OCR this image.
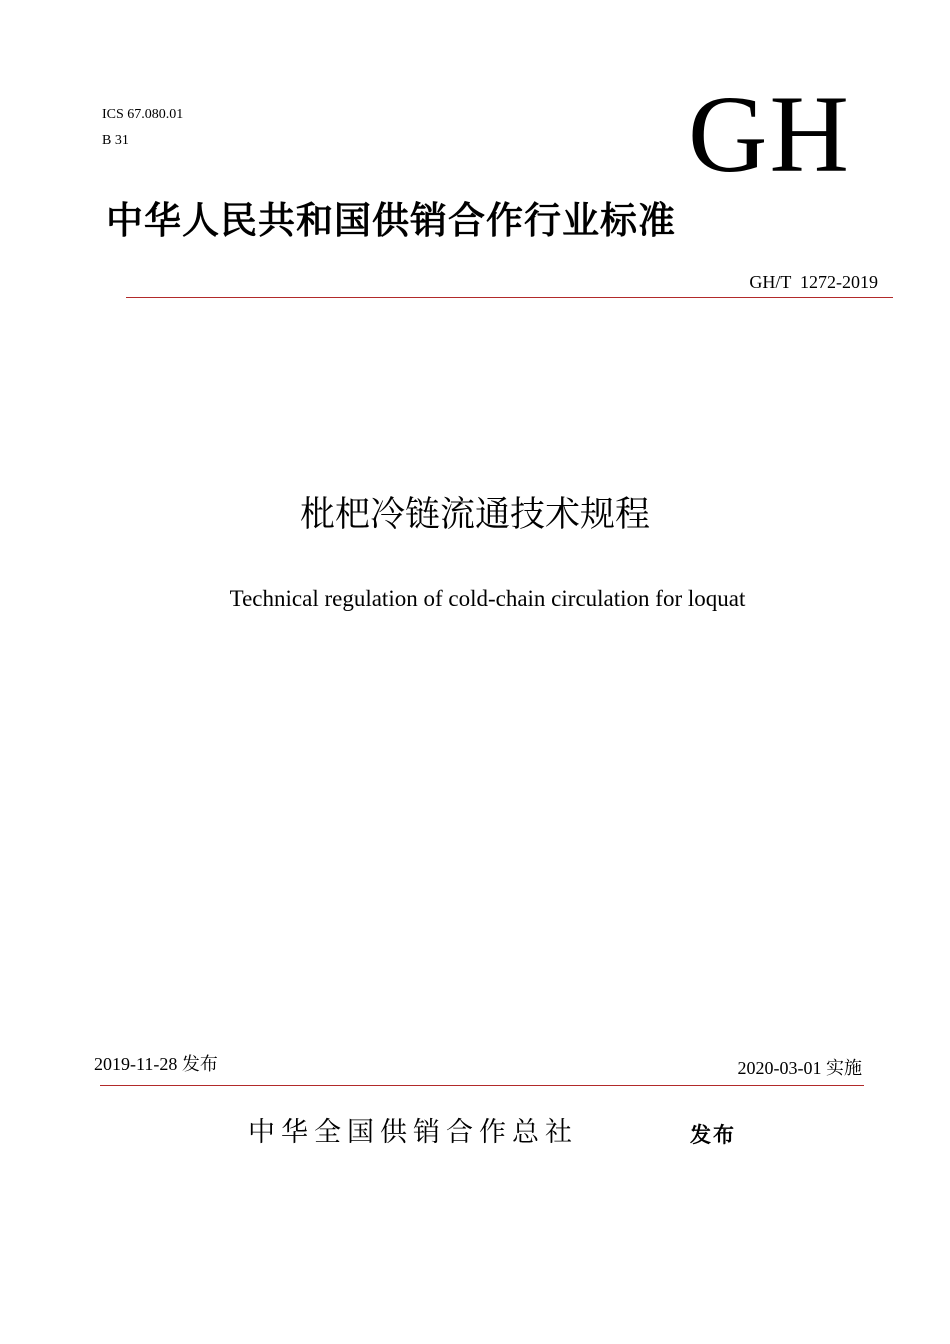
ICS 67.080.01
B 31	GH
中华人民共和国供销合作行业标准
GH/T  1272-2019
枇杷冷链流通技术规程
Technical regulation of cold-chain circulation for loquat
2019-11-28 发布	2020-03-01 实施
中华全国供销合作总社	发布
